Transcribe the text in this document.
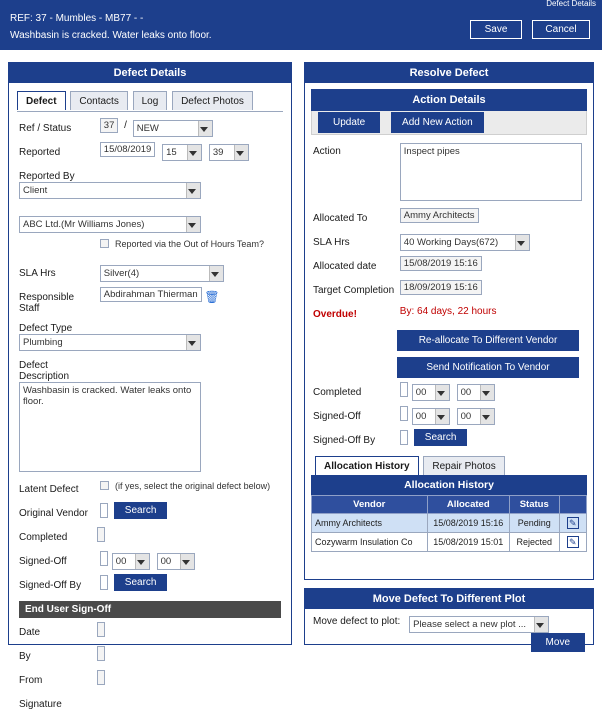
Defect Details
REF: 37 - Mumbles - MB77 - -
Washbasin is cracked. Water leaks onto floor.
Save	Cancel
Defect Details
Defect Contacts Log Defect Photos
Ref / Status	37 / NEW
Reported	15/08/2019 15	39
Reported By Client
ABC Ltd.(Mr Williams Jones)
Reported via the Out of Hours Team?
SLA Hrs	Silver(4)
Responsible Staff Abdirahman Thierman 🗑
Defect Type Plumbing
Defect Description Washbasin is cracked. Water leaks onto floor.
Latent Defect	(if yes, select the original defect below)
Original Vendor	Search
Completed
Signed-Off	00	00
Signed-Off By	Search
End User Sign-Off
Date
By
From
Signature
Resolve Defect
Action Details
Update	Add New Action
Action Inspect pipes
Allocated To	Ammy Architects
SLA Hrs	40 Working Days(672)
Allocated date	15/08/2019 15:16
Target Completion 18/09/2019 15:16
Overdue!	By: 64 days, 22 hours
Re-allocate To Different Vendor
Send Notification To Vendor
Completed	00	00
Signed-Off	00	00
Signed-Off By	Search
Allocation History Repair Photos
Allocation History
Vendor	Allocated	Status	
Ammy Architects	15/08/2019 15:16	Pending	✎
Cozywarm Insulation Co	15/08/2019 15:01	Rejected	✎
Move Defect To Different Plot
Move defect to plot: Please select a new plot ...
Move
